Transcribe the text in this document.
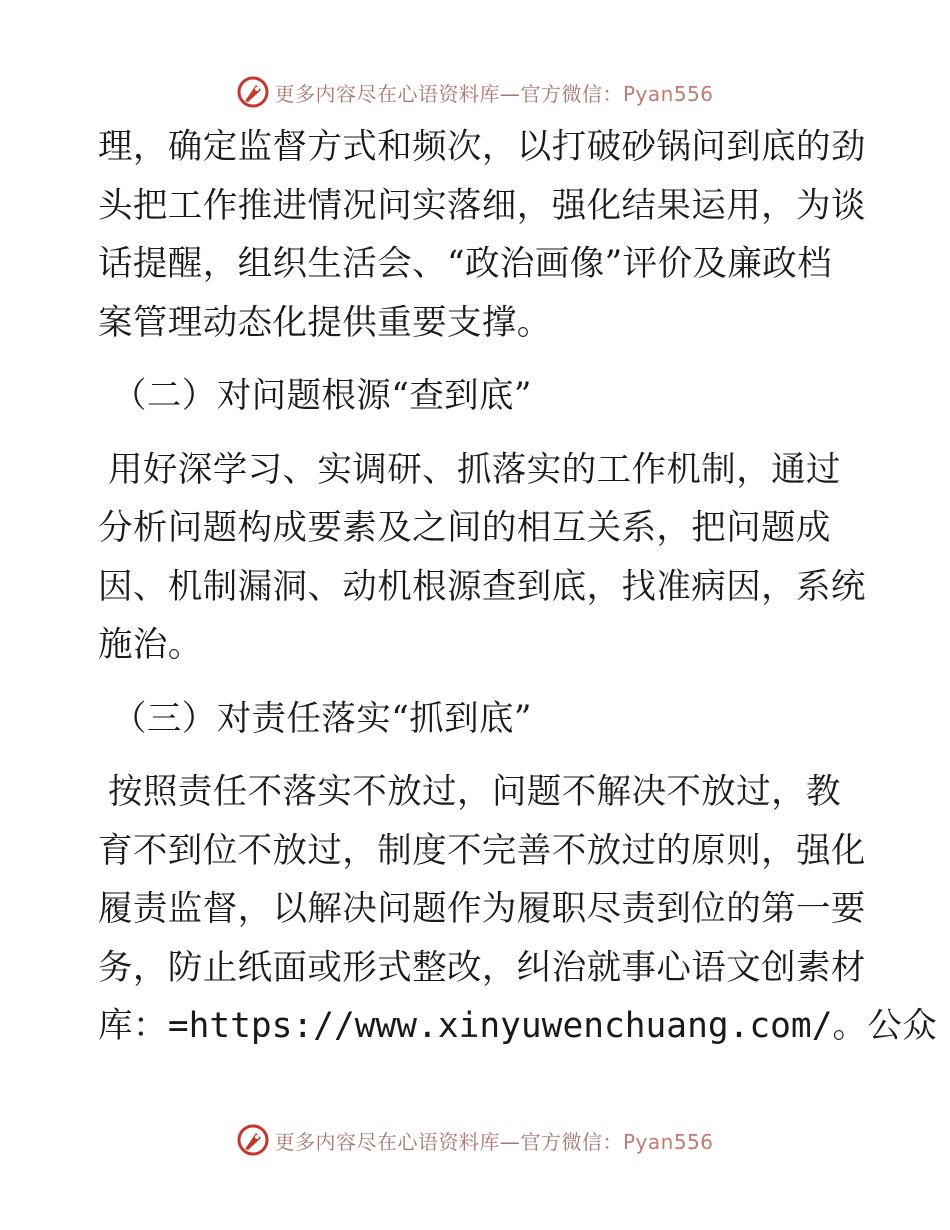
更多内容尽在心语资料库—官方微信：Pyan556
理，确定监督方式和频次，以打破砂锅问到底的劲
头把工作推进情况问实落细，强化结果运用，为谈
话提醒，组织生活会、“政治画像”评价及廉政档
案管理动态化提供重要支撑。
（二）对问题根源“查到底”
用好深学习、实调研、抓落实的工作机制，通过
分析问题构成要素及之间的相互关系，把问题成
因、机制漏洞、动机根源查到底，找准病因，系统
施治。
（三）对责任落实“抓到底”
按照责任不落实不放过，问题不解决不放过，教
育不到位不放过，制度不完善不放过的原则，强化
履责监督，以解决问题作为履职尽责到位的第一要
务，防止纸面或形式整改，纠治就事心语文创素材
库：=https://www.xinyuwenchuang.com/。公众
更多内容尽在心语资料库—官方微信：Pyan556
